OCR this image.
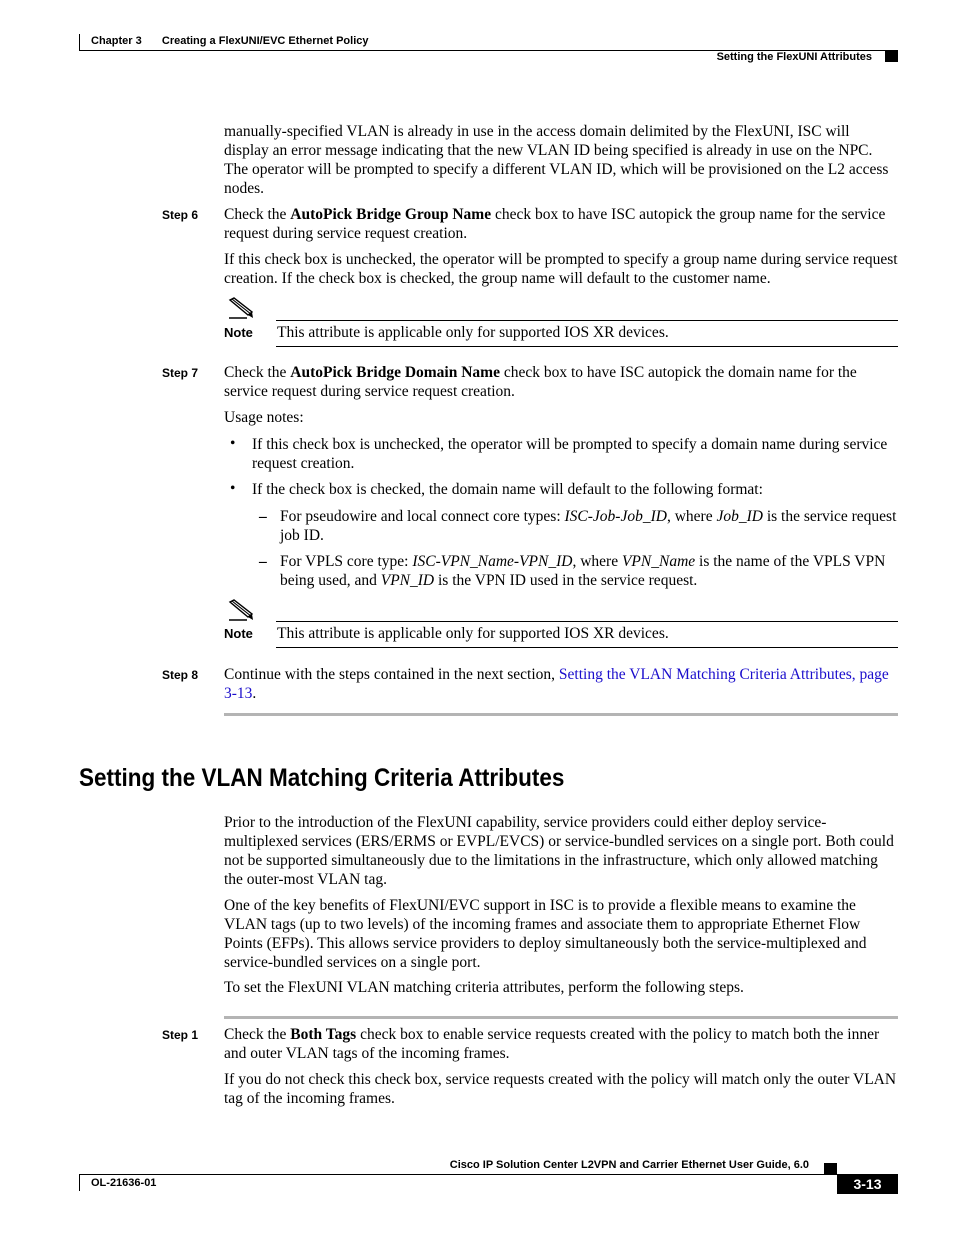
Chapter 3 Creating a FlexUNI/EVC Ethernet Policy
Setting the FlexUNI Attributes
manually-specified VLAN is already in use in the access domain delimited by the FlexUNI, ISC will display an error message indicating that the new VLAN ID being specified is already in use on the NPC. The operator will be prompted to specify a different VLAN ID, which will be provisioned on the L2 access nodes.
Step 6 Check the AutoPick Bridge Group Name check box to have ISC autopick the group name for the service request during service request creation.
If this check box is unchecked, the operator will be prompted to specify a group name during service request creation. If the check box is checked, the group name will default to the customer name.
Note This attribute is applicable only for supported IOS XR devices.
Step 7 Check the AutoPick Bridge Domain Name check box to have ISC autopick the domain name for the service request during service request creation.
Usage notes:
• If this check box is unchecked, the operator will be prompted to specify a domain name during service request creation.
• If the check box is checked, the domain name will default to the following format:
– For pseudowire and local connect core types: ISC-Job-Job_ID, where Job_ID is the service request job ID.
– For VPLS core type: ISC-VPN_Name-VPN_ID, where VPN_Name is the name of the VPLS VPN being used, and VPN_ID is the VPN ID used in the service request.
Note This attribute is applicable only for supported IOS XR devices.
Step 8 Continue with the steps contained in the next section, Setting the VLAN Matching Criteria Attributes, page 3-13.
Setting the VLAN Matching Criteria Attributes
Prior to the introduction of the FlexUNI capability, service providers could either deploy service-multiplexed services (ERS/ERMS or EVPL/EVCS) or service-bundled services on a single port. Both could not be supported simultaneously due to the limitations in the infrastructure, which only allowed matching the outer-most VLAN tag.
One of the key benefits of FlexUNI/EVC support in ISC is to provide a flexible means to examine the VLAN tags (up to two levels) of the incoming frames and associate them to appropriate Ethernet Flow Points (EFPs). This allows service providers to deploy simultaneously both the service-multiplexed and service-bundled services on a single port.
To set the FlexUNI VLAN matching criteria attributes, perform the following steps.
Step 1 Check the Both Tags check box to enable service requests created with the policy to match both the inner and outer VLAN tags of the incoming frames.
If you do not check this check box, service requests created with the policy will match only the outer VLAN tag of the incoming frames.
Cisco IP Solution Center L2VPN and Carrier Ethernet User Guide, 6.0
OL-21636-01	3-13
